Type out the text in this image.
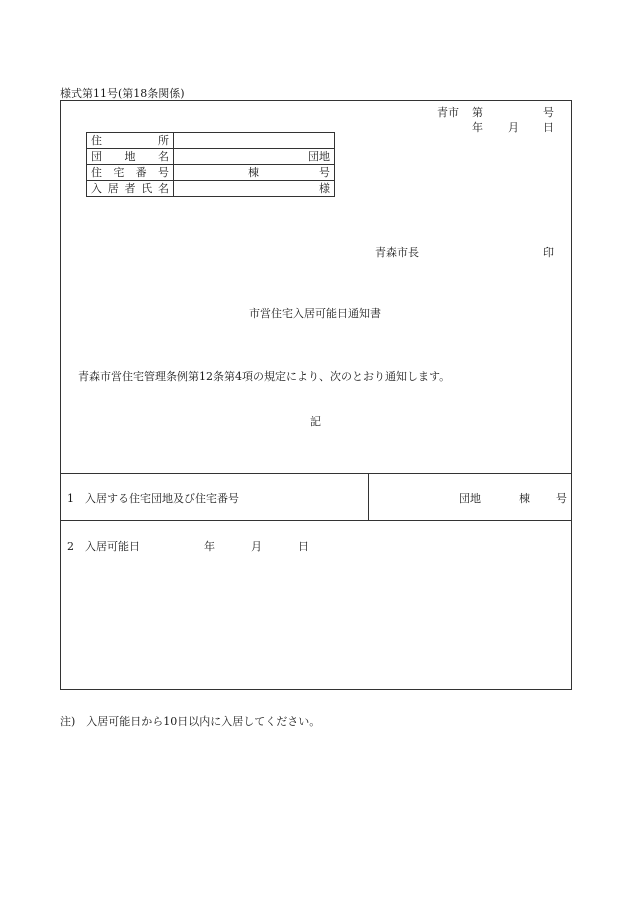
様式第11号(第18条関係)
青市 第	号
年 月 日
住所	
団地名	団地
住宅番号	棟 号

入居者氏名	様
青森市長	印
市営住宅入居可能日通知書
青森市営住宅管理条例第12条第4項の規定により、次のとおり通知します。
記
1　入居する住宅団地及び住宅番号	団地	棟 号
2　入居可能日	年	月	日
注)　入居可能日から10日以内に入居してください。
